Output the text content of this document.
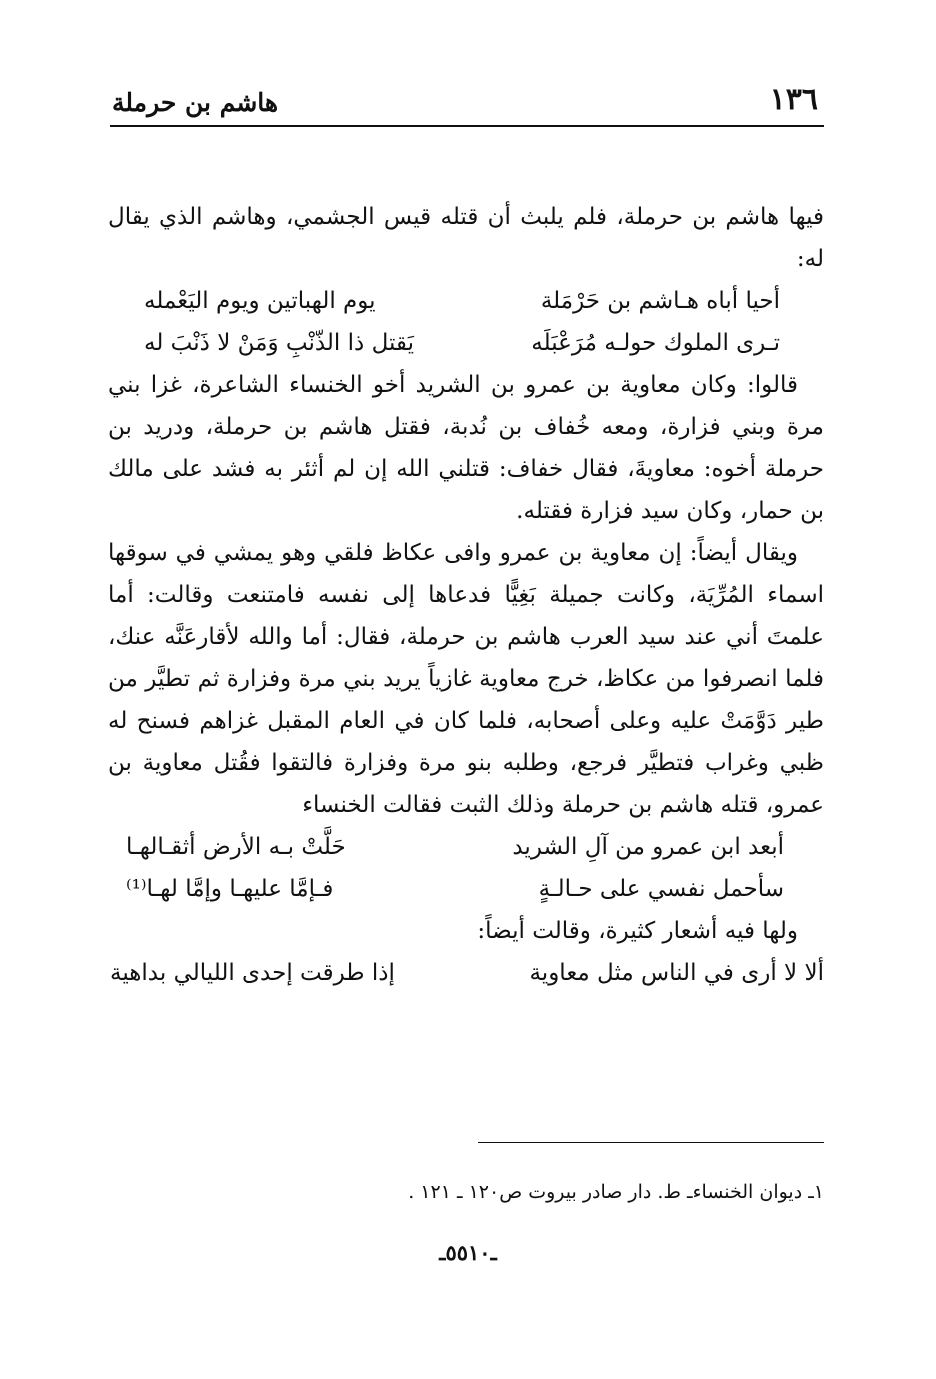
١٣٦
هاشم بن حرملة

فيها هاشم بن حرملة، فلم يلبث أن قتله قيس الجشمي، وهاشم الذي يقال له:

أحيا أباه هـاشم بن حَرْمَلة
يوم الهباتين ويوم اليَعْمله
تـرى الملوك حولـه مُرَعْبَلَه
يَقتل ذا الذّنْبِ وَمَنْ لا ذَنْبَ له

قالوا: وكان معاوية بن عمرو بن الشريد أخو الخنساء الشاعرة، غزا بني مرة وبني فزارة، ومعه خُفاف بن نُدبة، فقتل هاشم بن حرملة، ودريد بن حرملة أخوه: معاويةَ، فقال خفاف: قتلني الله إن لم أثئر به فشد على مالك بن حمار، وكان سيد فزارة فقتله.

ويقال أيضاً: إن معاوية بن عمرو وافى عكاظ فلقي وهو يمشي في سوقها اسماء المُرِّيَة، وكانت جميلة بَغِيًّا فدعاها إلى نفسه فامتنعت وقالت: أما علمتَ أني عند سيد العرب هاشم بن حرملة، فقال: أما والله لأقارعَنَّه عنك، فلما انصرفوا من عكاظ، خرج معاوية غازياً يريد بني مرة وفزارة ثم تطيَّر من طير دَوَّمَتْ عليه وعلى أصحابه، فلما كان في العام المقبل غزاهم فسنح له ظبي وغراب فتطيَّر فرجع، وطلبه بنو مرة وفزارة فالتقوا فقُتل معاوية بن عمرو، قتله هاشم بن حرملة وذلك الثبت فقالت الخنساء

أبعد ابن عمرو من آلِ الشريد
حَلَّتْ بـه الأرض أثقـالهـا
سأحمل نفسي على حـالـةٍ
فـإمَّا عليهـا وإمَّا لهـا⁽¹⁾

ولها فيه أشعار كثيرة، وقالت أيضاً:

ألا لا أرى في الناس مثل معاوية
إذا طرقت إحدى الليالي بداهية
١ـ ديوان الخنساءـ ط. دار صادر بيروت ص١٢٠ ـ ١٢١ .
ـ٥٥١٠ـ
